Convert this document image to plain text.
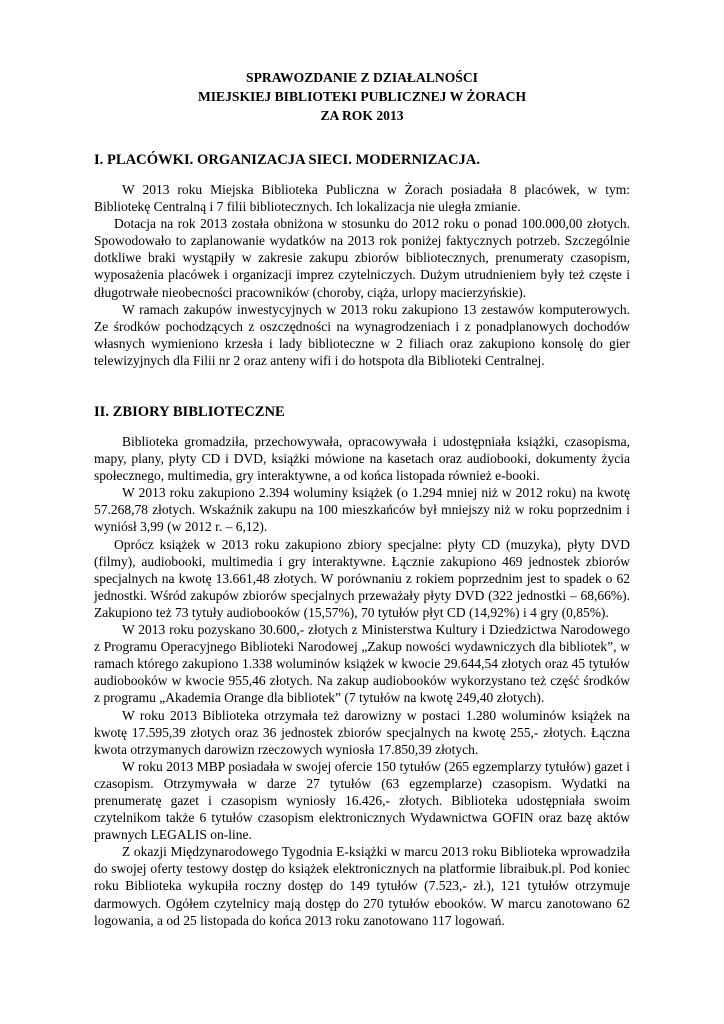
SPRAWOZDANIE Z DZIAŁALNOŚCI
MIEJSKIEJ BIBLIOTEKI PUBLICZNEJ W ŻORACH
ZA ROK 2013
I. PLACÓWKI. ORGANIZACJA SIECI. MODERNIZACJA.

W 2013 roku Miejska Biblioteka Publiczna w Żorach posiadała 8 placówek, w tym: Bibliotekę Centralną i 7 filii bibliotecznych. Ich lokalizacja nie uległa zmianie.

Dotacja na rok 2013 została obniżona w stosunku do 2012 roku o ponad 100.000,00 złotych. Spowodowało to zaplanowanie wydatków na 2013 rok poniżej faktycznych potrzeb. Szczególnie dotkliwe braki wystąpiły w zakresie zakupu zbiorów bibliotecznych, prenumeraty czasopism, wyposażenia placówek i organizacji imprez czytelniczych. Dużym utrudnieniem były też częste i długotrwałe nieobecności pracowników (choroby, ciąża, urlopy macierzyńskie).

W ramach zakupów inwestycyjnych w 2013 roku zakupiono 13 zestawów komputerowych. Ze środków pochodzących z oszczędności na wynagrodzeniach i z ponadplanowych dochodów własnych wymieniono krzesła i lady biblioteczne w 2 filiach oraz zakupiono konsolę do gier telewizyjnych dla Filii nr 2 oraz anteny wifi i do hotspota dla Biblioteki Centralnej.

II. ZBIORY BIBLIOTECZNE

Biblioteka gromadziła, przechowywała, opracowywała i udostępniała książki, czasopisma, mapy, plany, płyty CD i DVD, książki mówione na kasetach oraz audiobooki, dokumenty życia społecznego, multimedia, gry interaktywne, a od końca listopada również e-booki.

W 2013 roku zakupiono 2.394 woluminy książek (o 1.294 mniej niż w 2012 roku) na kwotę 57.268,78 złotych. Wskaźnik zakupu na 100 mieszkańców był mniejszy niż w roku poprzednim i wyniósł 3,99 (w 2012 r. – 6,12).

Oprócz książek w 2013 roku zakupiono zbiory specjalne: płyty CD (muzyka), płyty DVD (filmy), audiobooki, multimedia i gry interaktywne. Łącznie zakupiono 469 jednostek zbiorów specjalnych na kwotę 13.661,48 złotych. W porównaniu z rokiem poprzednim jest to spadek o 62 jednostki. Wśród zakupów zbiorów specjalnych przeważały płyty DVD (322 jednostki – 68,66%). Zakupiono też 73 tytuły audiobooków (15,57%), 70 tytułów płyt CD (14,92%) i 4 gry (0,85%).

W 2013 roku pozyskano 30.600,- złotych z Ministerstwa Kultury i Dziedzictwa Narodowego z Programu Operacyjnego Biblioteki Narodowej „Zakup nowości wydawniczych dla bibliotek”, w ramach którego zakupiono 1.338 woluminów książek w kwocie 29.644,54 złotych oraz 45 tytułów audiobooków w kwocie 955,46 złotych. Na zakup audiobooków wykorzystano też część środków z programu „Akademia Orange dla bibliotek” (7 tytułów na kwotę 249,40 złotych).

W roku 2013 Biblioteka otrzymała też darowizny w postaci 1.280 woluminów książek na kwotę 17.595,39 złotych oraz 36 jednostek zbiorów specjalnych na kwotę 255,- złotych. Łączna kwota otrzymanych darowizn rzeczowych wyniosła 17.850,39 złotych.

W roku 2013 MBP posiadała w swojej ofercie 150 tytułów (265 egzemplarzy tytułów) gazet i czasopism. Otrzymywała w darze 27 tytułów (63 egzemplarze) czasopism. Wydatki na prenumeratę gazet i czasopism wyniosły 16.426,- złotych. Biblioteka udostępniała swoim czytelnikom także 6 tytułów czasopism elektronicznych Wydawnictwa GOFIN oraz bazę aktów prawnych LEGALIS on-line.

Z okazji Międzynarodowego Tygodnia E-książki w marcu 2013 roku Biblioteka wprowadziła do swojej oferty testowy dostęp do książek elektronicznych na platformie libraibuk.pl. Pod koniec roku Biblioteka wykupiła roczny dostęp do 149 tytułów (7.523,- zł.), 121 tytułów otrzymuje darmowych. Ogółem czytelnicy mają dostęp do 270 tytułów ebooków. W marcu zanotowano 62 logowania, a od 25 listopada do końca 2013 roku zanotowano 117 logowań.
